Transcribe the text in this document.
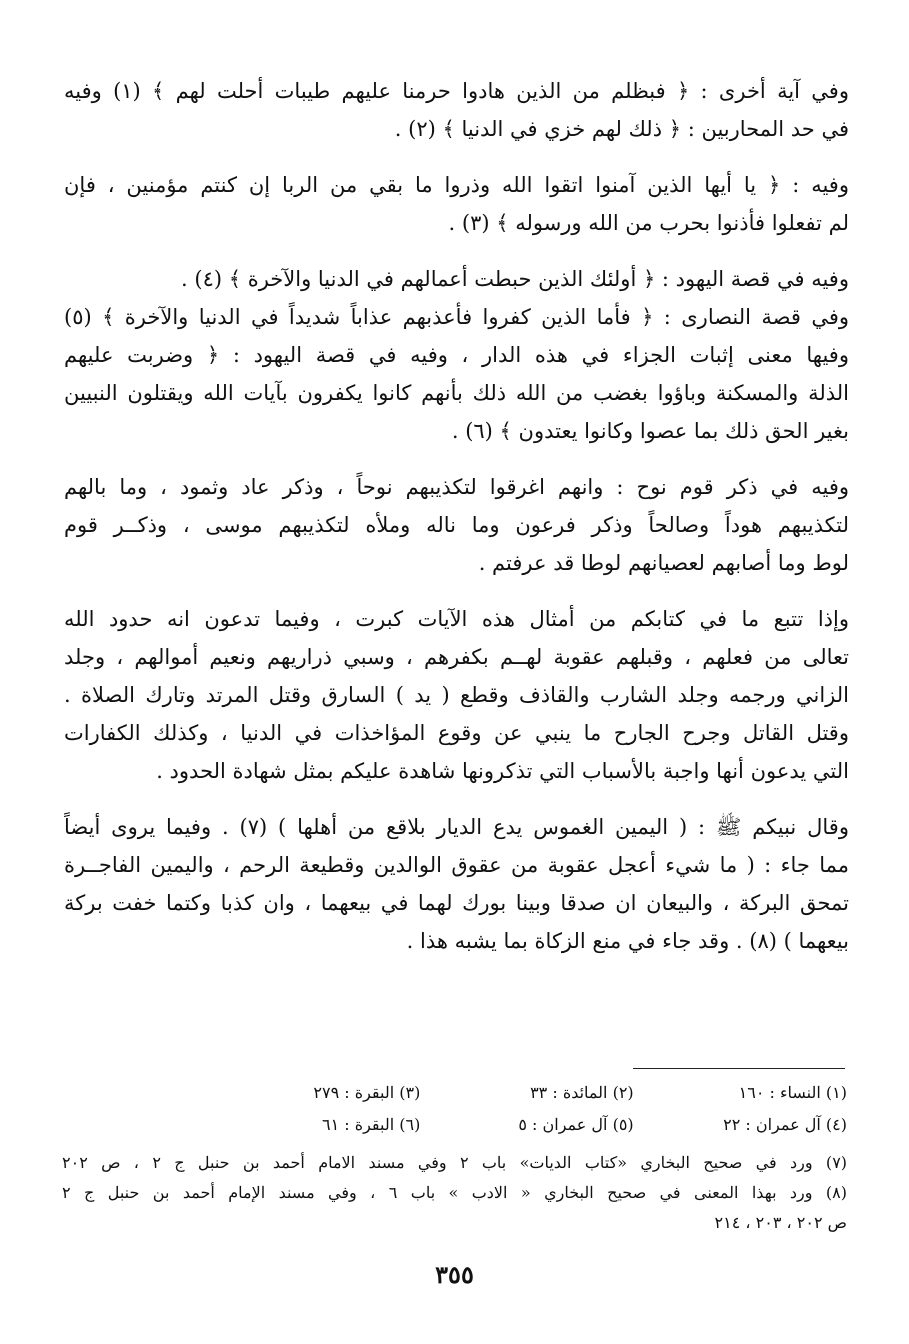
وفي آية أخرى : ﴿ فبظلم من الذين هادوا حرمنا عليهم طيبات أحلت لهم ﴾ (١) وفيه
في حد المحاربين : ﴿ ذلك لهم خزي في الدنيا ﴾ (٢) .
وفيه : ﴿ يا أيها الذين آمنوا اتقوا الله وذروا ما بقي من الربا إن كنتم مؤمنين ، فإن
لم تفعلوا فأذنوا بحرب من الله ورسوله ﴾ (٣) .
وفيه في قصة اليهود : ﴿ أولئك الذين حبطت أعمالهم في الدنيا والآخرة ﴾ (٤) .
وفي قصة النصارى : ﴿ فأما الذين كفروا فأعذبهم عذاباً شديداً في الدنيا والآخرة ﴾ (٥)
وفيها معنى إثبات الجزاء في هذه الدار ، وفيه في قصة اليهود : ﴿ وضربت عليهم
الذلة والمسكنة وباؤوا بغضب من الله ذلك بأنهم كانوا يكفرون بآيات الله ويقتلون النبيين
بغير الحق ذلك بما عصوا وكانوا يعتدون ﴾ (٦) .
وفيه في ذكر قوم نوح : وانهم اغرقوا لتكذيبهم نوحاً ، وذكر عاد وثمود ، وما بالهم
لتكذيبهم هوداً وصالحاً وذكر فرعون وما ناله وملأه لتكذيبهم موسى ، وذكــر قوم
لوط وما أصابهم لعصيانهم لوطا قد عرفتم .
وإذا تتبع ما في كتابكم من أمثال هذه الآيات كبرت ، وفيما تدعون انه حدود الله
تعالى من فعلهم ، وقبلهم عقوبة لهــم بكفرهم ، وسبي ذراريهم ونعيم أموالهم ، وجلد
الزاني ورجمه وجلد الشارب والقاذف وقطع ( يد ) السارق وقتل المرتد وتارك الصلاة .
وقتل القاتل وجرح الجارح ما ينبي عن وقوع المؤاخذات في الدنيا ، وكذلك الكفارات
التي يدعون أنها واجبة بالأسباب التي تذكرونها شاهدة عليكم بمثل شهادة الحدود .
وقال نبيكم ﷺ : ( اليمين الغموس يدع الديار بلاقع من أهلها ) (٧) . وفيما يروى أيضاً
مما جاء : ( ما شيء أعجل عقوبة من عقوق الوالدين وقطيعة الرحم ، واليمين الفاجــرة
تمحق البركة ، والبيعان ان صدقا وبينا بورك لهما في بيعهما ، وان كذبا وكتما خفت بركة
بيعهما ) (٨) . وقد جاء في منع الزكاة بما يشبه هذا .
(١) النساء : ١٦٠
(٢) المائدة : ٣٣
(٣) البقرة : ٢٧٩
(٤) آل عمران : ٢٢
(٥) آل عمران : ٥
(٦) البقرة : ٦١
(٧) ورد في صحيح البخاري «كتاب الديات» باب ٢ وفي مسند الامام أحمد بن حنبل ج ٢ ، ص ٢٠٢
(٨) ورد بهذا المعنى في صحيح البخاري « الادب » باب ٦ ، وفي مسند الإمام أحمد بن حنبل ج ٢
ص ٢٠٢ ، ٢٠٣ ، ٢١٤
٣٥٥
